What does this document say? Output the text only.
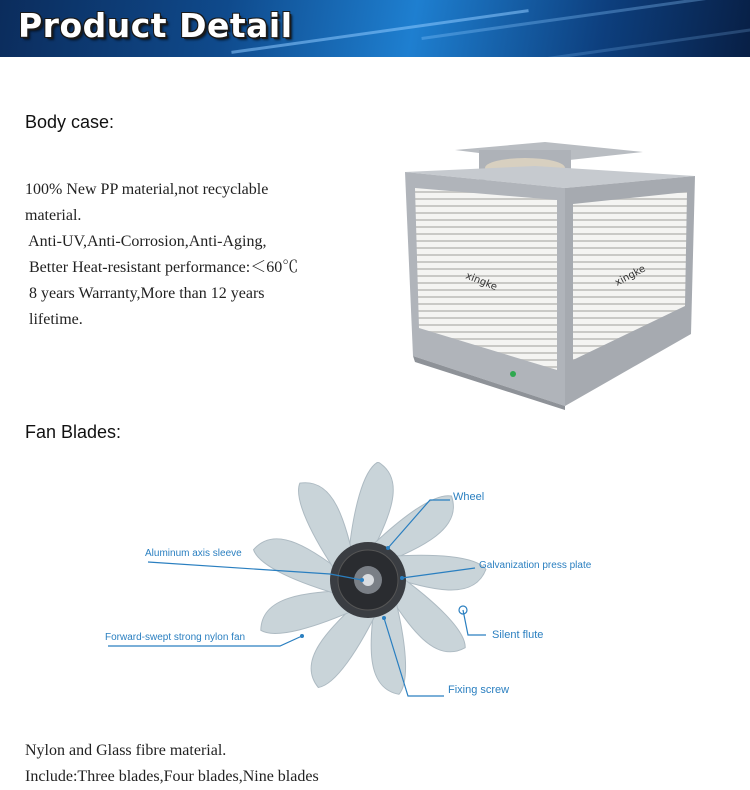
Product Detail
Body case:
100% New PP material,not recyclable
material.
Anti-UV,Anti-Corrosion,Anti-Aging,
Better Heat-resistant performance:＜60℃
8 years Warranty,More than 12 years
lifetime.
xingke	xingke
Fan Blades:
Wheel
Aluminum axis sleeve
Galvanization press plate
Forward-swept strong nylon fan	Silent flute
Fixing screw
Nylon and Glass fibre material.
Include:Three blades,Four blades,Nine blades
